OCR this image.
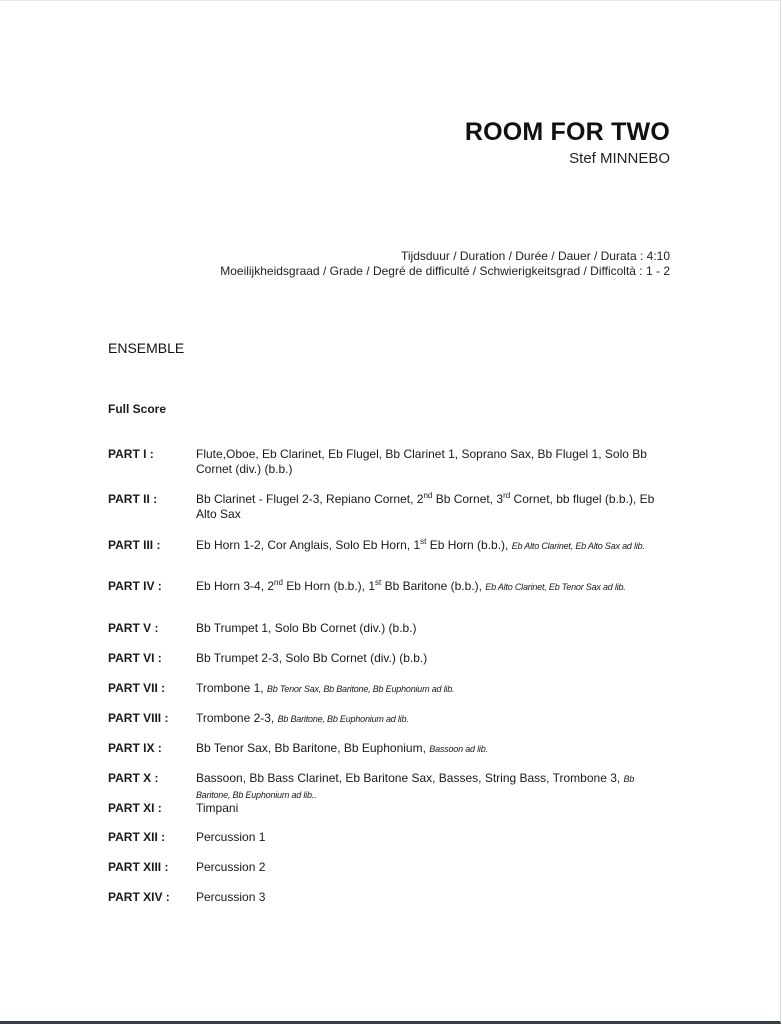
ROOM FOR TWO
Stef MINNEBO
Tijdsduur / Duration / Durée / Dauer / Durata : 4:10
Moeilijkheidsgraad / Grade / Degré de difficulté / Schwierigkeitsgrad / Difficoltà : 1 - 2
ENSEMBLE
Full Score
PART I :	Flute,Oboe, Eb Clarinet, Eb Flugel, Bb Clarinet 1, Soprano Sax, Bb Flugel 1, Solo Bb Cornet (div.) (b.b.)
PART II :	Bb Clarinet - Flugel 2-3, Repiano Cornet, 2nd Bb Cornet, 3rd Cornet, bb flugel (b.b.), Eb Alto Sax
PART III :	Eb Horn 1-2, Cor Anglais, Solo Eb Horn, 1st Eb Horn (b.b.), Eb Alto Clarinet, Eb Alto Sax ad lib.
PART IV :	Eb Horn 3-4, 2nd Eb Horn (b.b.), 1st Bb Baritone (b.b.), Eb Alto Clarinet, Eb Tenor Sax ad lib.
PART V :	Bb Trumpet 1, Solo Bb Cornet (div.) (b.b.)
PART VI :	Bb Trumpet 2-3, Solo Bb Cornet (div.) (b.b.)
PART VII :	Trombone 1, Bb Tenor Sax, Bb Baritone, Bb Euphonium ad lib.
PART VIII : Trombone 2-3, Bb Baritone, Bb Euphonium ad lib.
PART IX :	Bb Tenor Sax, Bb Baritone, Bb Euphonium, Bassoon ad lib.
PART X :	Bassoon, Bb Bass Clarinet, Eb Baritone Sax, Basses, String Bass, Trombone 3, Bb Baritone, Bb Euphonium ad lib..
PART XI :	Timpani
PART XII :	Percussion 1
PART XIII : Percussion 2
PART XIV : Percussion 3
